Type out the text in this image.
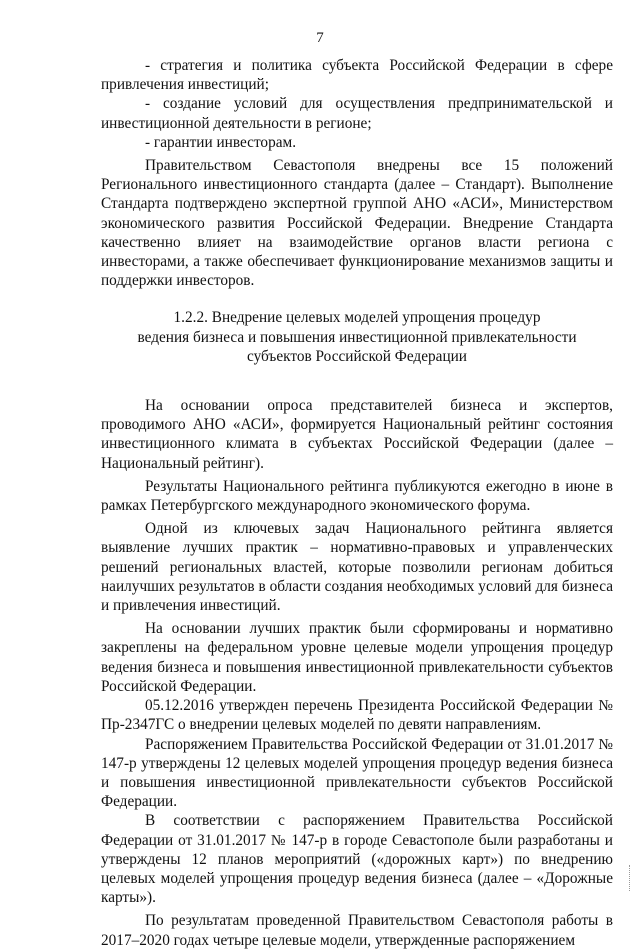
7

- стратегия и политика субъекта Российской Федерации в сфере привлечения инвестиций;

- создание условий для осуществления предпринимательской и инвестиционной деятельности в регионе;

- гарантии инвесторам.

Правительством Севастополя внедрены все 15 положений Регионального инвестиционного стандарта (далее – Стандарт). Выполнение Стандарта подтверждено экспертной группой АНО «АСИ», Министерством экономического развития Российской Федерации. Внедрение Стандарта качественно влияет на взаимодействие органов власти региона с инвесторами, а также обеспечивает функционирование механизмов защиты и поддержки инвесторов.

1.2.2. Внедрение целевых моделей упрощения процедур
ведения бизнеса и повышения инвестиционной привлекательности
субъектов Российской Федерации

На основании опроса представителей бизнеса и экспертов, проводимого АНО «АСИ», формируется Национальный рейтинг состояния инвестиционного климата в субъектах Российской Федерации (далее – Национальный рейтинг).

Результаты Национального рейтинга публикуются ежегодно в июне в рамках Петербургского международного экономического форума.

Одной из ключевых задач Национального рейтинга является выявление лучших практик – нормативно-правовых и управленческих решений региональных властей, которые позволили регионам добиться наилучших результатов в области создания необходимых условий для бизнеса и привлечения инвестиций.

На основании лучших практик были сформированы и нормативно закреплены на федеральном уровне целевые модели упрощения процедур ведения бизнеса и повышения инвестиционной привлекательности субъектов Российской Федерации.

05.12.2016 утвержден перечень Президента Российской Федерации № Пр-2347ГС о внедрении целевых моделей по девяти направлениям.

Распоряжением Правительства Российской Федерации от 31.01.2017 № 147-р утверждены 12 целевых моделей упрощения процедур ведения бизнеса и повышения инвестиционной привлекательности субъектов Российской Федерации.

В соответствии с распоряжением Правительства Российской Федерации от 31.01.2017 № 147-р в городе Севастополе были разработаны и утверждены 12 планов мероприятий («дорожных карт») по внедрению целевых моделей упрощения процедур ведения бизнеса (далее – «Дорожные карты»).

По результатам проведенной Правительством Севастополя работы в 2017–2020 годах четыре целевые модели, утвержденные распоряжением
